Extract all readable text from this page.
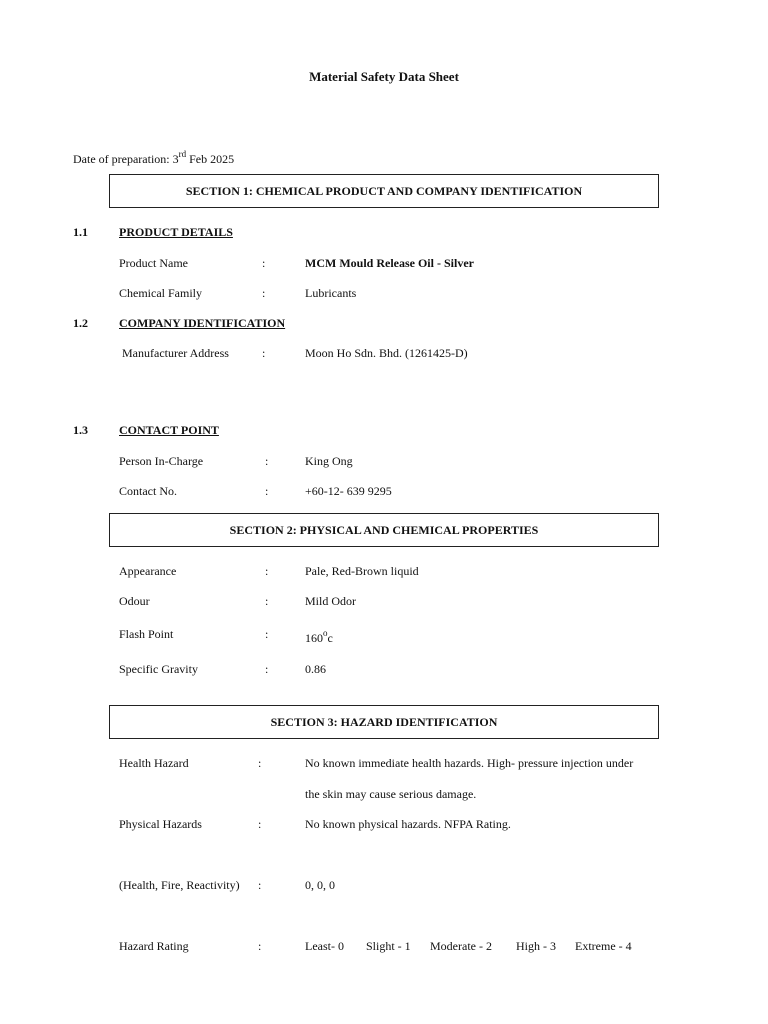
Material Safety Data Sheet
Date of preparation: 3rd Feb 2025
SECTION 1: CHEMICAL PRODUCT AND COMPANY IDENTIFICATION
1.1	PRODUCT DETAILS
Product Name	:	MCM Mould Release Oil - Silver
Chemical Family	:	Lubricants
1.2	COMPANY IDENTIFICATION
Manufacturer Address	:	Moon Ho Sdn. Bhd. (1261425-D)
1.3	CONTACT POINT
Person In-Charge	:	King Ong
Contact No.	:	+60-12- 639 9295
SECTION 2: PHYSICAL AND CHEMICAL PROPERTIES
Appearance	:	Pale, Red-Brown liquid
Odour	:	Mild Odor
Flash Point	:	160$^o$c
Specific Gravity	:	0.86
SECTION 3: HAZARD IDENTIFICATION
Health Hazard	:	No known immediate health hazards. High- pressure injection under
the skin may cause serious damage.
Physical Hazards	:	No known physical hazards. NFPA Rating.
(Health, Fire, Reactivity) :	0, 0, 0
Hazard Rating	:	Least- 0 Slight - 1 Moderate - 2 High - 3 Extreme - 4
